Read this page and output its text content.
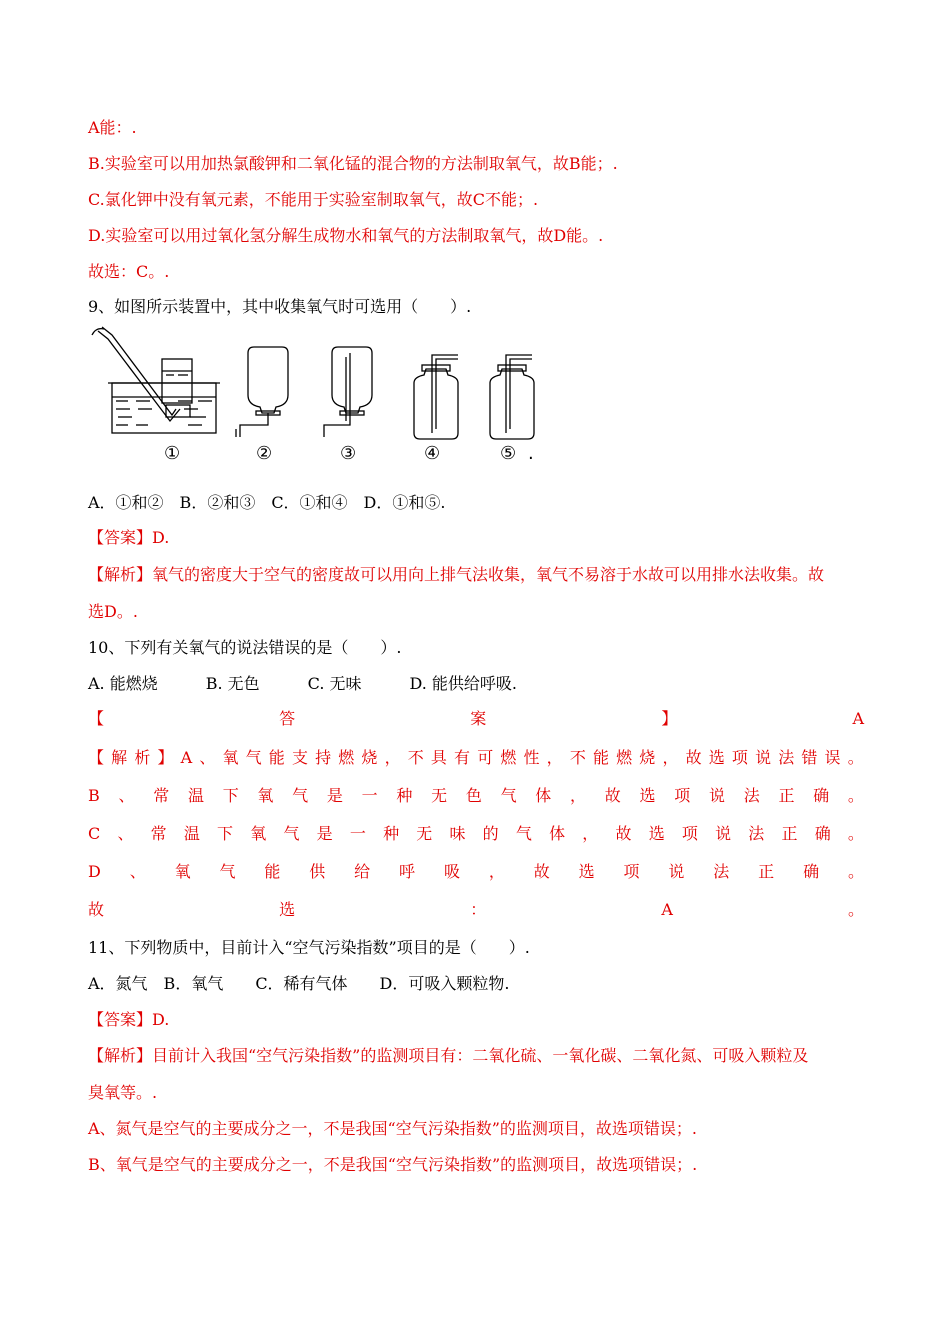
A能：.
B.实验室可以用加热氯酸钾和二氧化锰的混合物的方法制取氧气，故B能；.
C.氯化钾中没有氧元素，不能用于实验室制取氧气，故C不能；.
D.实验室可以用过氧化氢分解生成物水和氧气的方法制取氧气，故D能。.
故选：C。.
9、如图所示装置中，其中收集氧气时可选用（　　）.
①	②	③	④	⑤ .
A．①和②　B．②和③　C．①和④　D．①和⑤.
【答案】D.
【解析】氧气的密度大于空气的密度故可以用向上排气法收集，氧气不易溶于水故可以用排水法收集。故
选D。.
10、下列有关氧气的说法错误的是（　　）.
A. 能燃烧　　　B. 无色　　　C. 无味　　　D. 能供给呼吸.
【	答	案	】	A
【 解 析 】 A 、 氧 气 能 支 持 燃 烧 ， 不 具 有 可 燃 性 ， 不 能 燃 烧 ， 故 选 项 说 法 错 误 。
B 、 常 温 下 氧 气 是 一 种 无 色 气 体 ， 故 选 项 说 法 正 确 。
C 、 常 温 下 氧 气 是 一 种 无 味 的 气 体 ， 故 选 项 说 法 正 确 。
D 、 氧 气 能 供 给 呼 吸 ， 故 选 项 说 法 正 确 。
故	选	：	A	。
11、下列物质中，目前计入“空气污染指数”项目的是（　　）.
A．氮气　B．氧气　　C．稀有气体　　D．可吸入颗粒物.
【答案】D.
【解析】目前计入我国“空气污染指数”的监测项目有：二氧化硫、一氧化碳、二氧化氮、可吸入颗粒及
臭氧等。.
A、氮气是空气的主要成分之一，不是我国“空气污染指数”的监测项目，故选项错误；.
B、氧气是空气的主要成分之一，不是我国“空气污染指数”的监测项目，故选项错误；.
